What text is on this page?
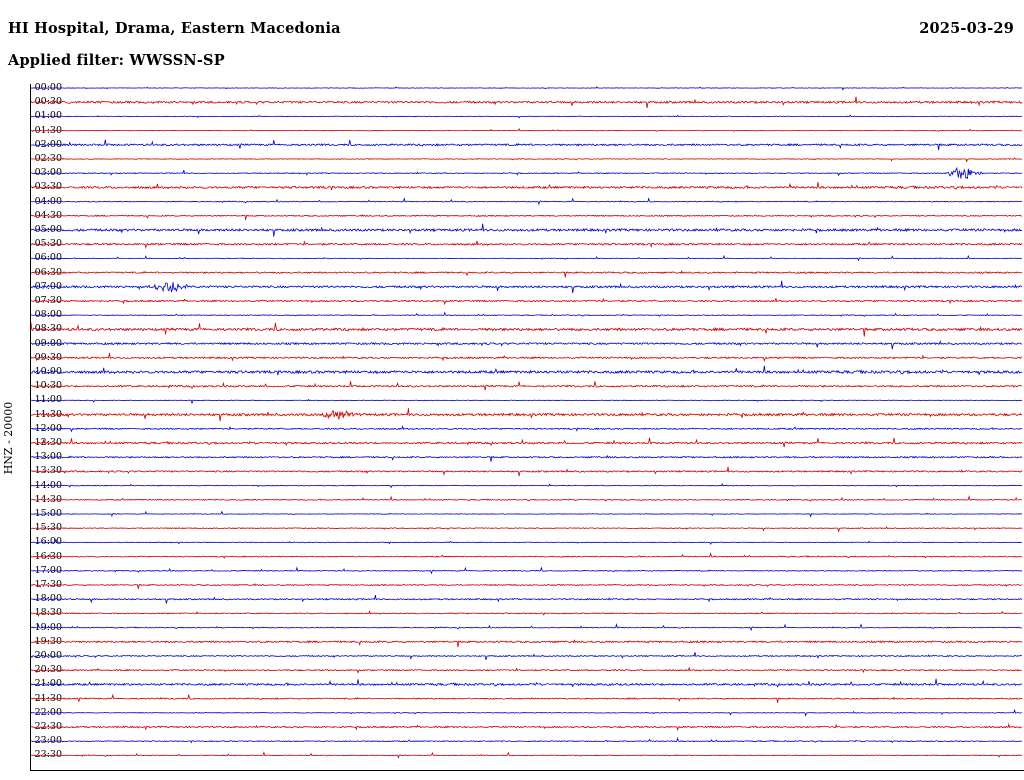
HI Hospital, Drama, Eastern Macedonia	2025-03-29
Applied filter: WWSSN-SP
HNZ - 20000
00:00
00:30
01:00
01:30
02:00
02:30
03:00
03:30
04:00
04:30
05:00
05:30
06:00
06:30
07:00
07:30
08:00
08:30
09:00
09:30
10:00
10:30
11:00
11:30
12:00
12:30
13:00
13:30
14:00
14:30
15:00
15:30
16:00
16:30
17:00
17:30
18:00
18:30
19:00
19:30
20:00
20:30
21:00
21:30
22:00
22:30
23:00
23:30
